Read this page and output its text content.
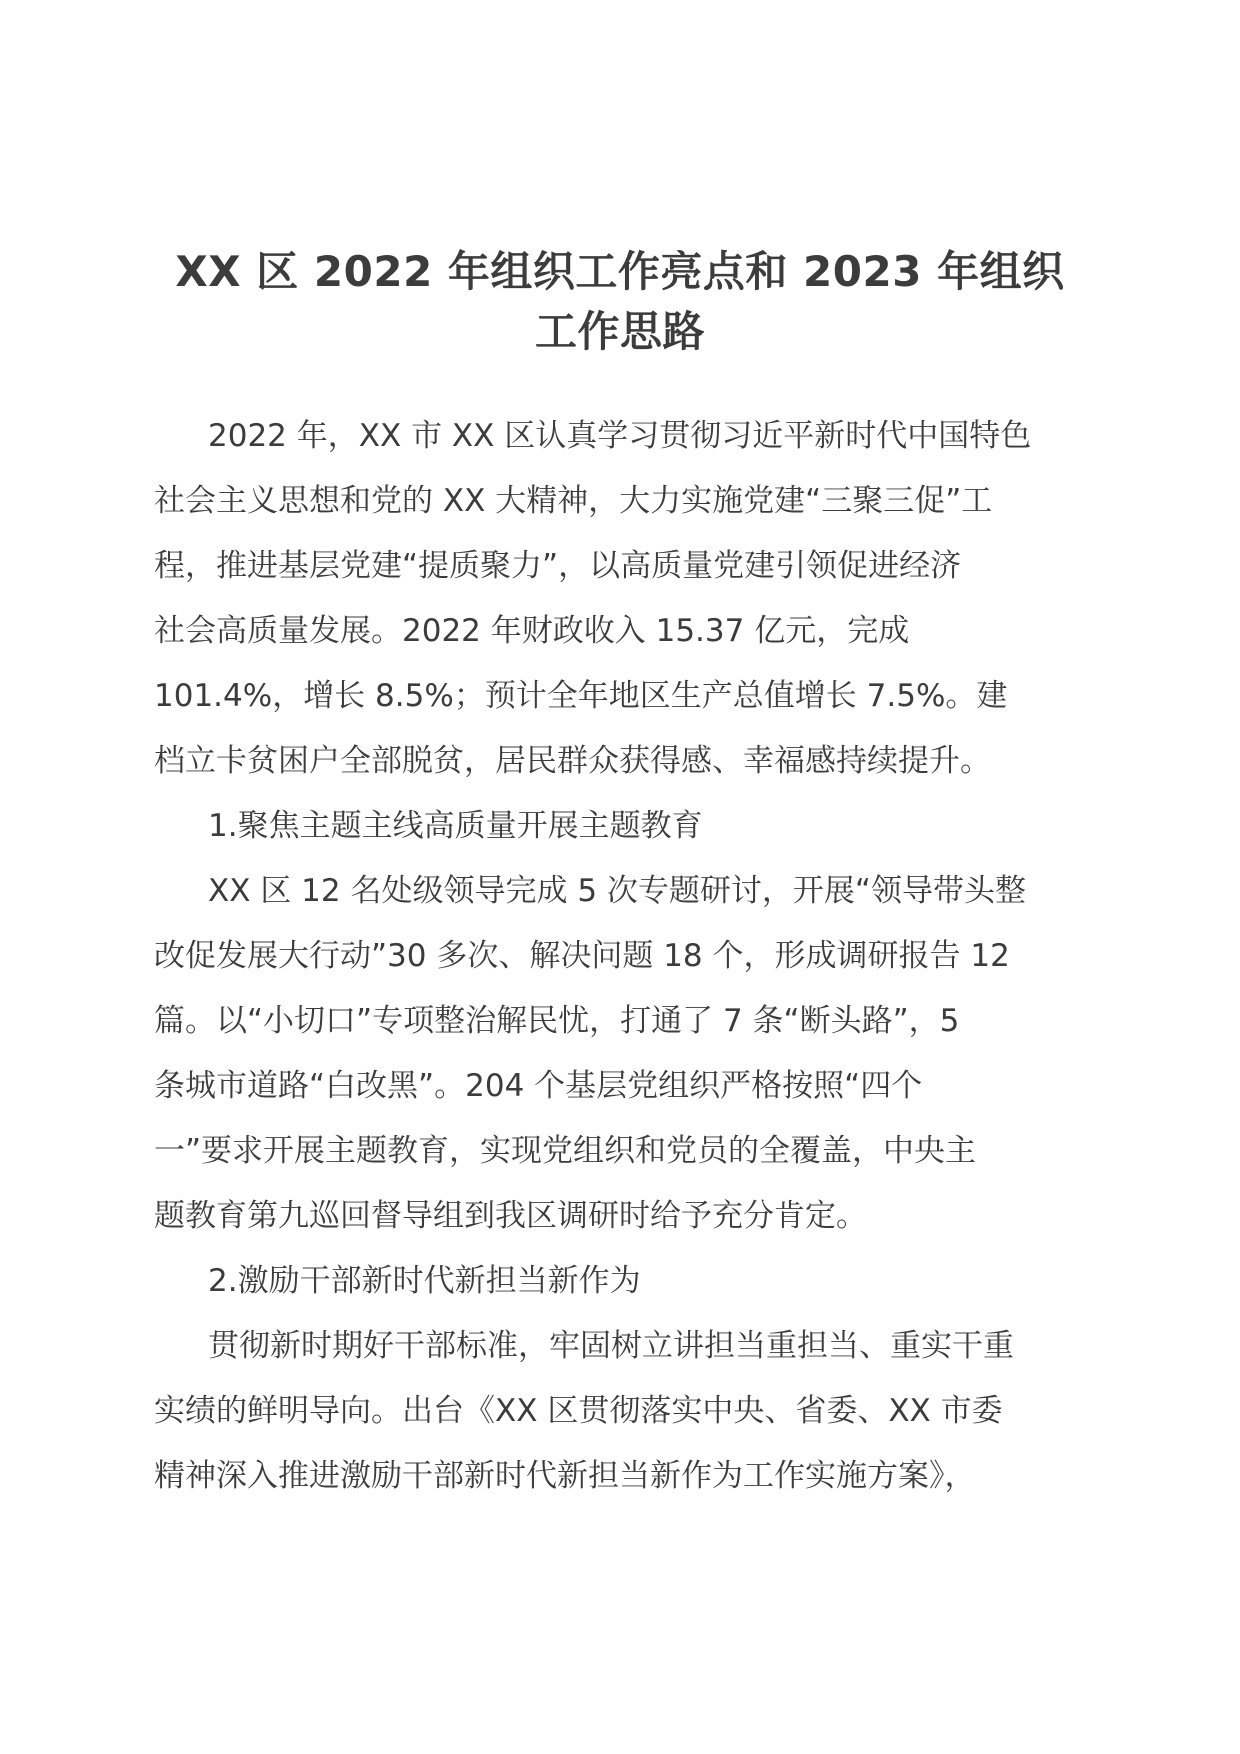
XX 区 2022 年组织工作亮点和 2023 年组织
工作思路
2022 年，XX 市 XX 区认真学习贯彻习近平新时代中国特色
社会主义思想和党的 XX 大精神，大力实施党建“三聚三促”工
程，推进基层党建“提质聚力”，以高质量党建引领促进经济
社会高质量发展。2022 年财政收入 15.37 亿元，完成
101.4%，增长 8.5%；预计全年地区生产总值增长 7.5%。建
档立卡贫困户全部脱贫，居民群众获得感、幸福感持续提升。
1.聚焦主题主线高质量开展主题教育
XX 区 12 名处级领导完成 5 次专题研讨，开展“领导带头整
改促发展大行动”30 多次、解决问题 18 个，形成调研报告 12
篇。以“小切口”专项整治解民忧，打通了 7 条“断头路”，5
条城市道路“白改黑”。204 个基层党组织严格按照“四个
一”要求开展主题教育，实现党组织和党员的全覆盖，中央主
题教育第九巡回督导组到我区调研时给予充分肯定。
2.激励干部新时代新担当新作为
贯彻新时期好干部标准，牢固树立讲担当重担当、重实干重
实绩的鲜明导向。出台《XX 区贯彻落实中央、省委、XX 市委
精神深入推进激励干部新时代新担当新作为工作实施方案》，
